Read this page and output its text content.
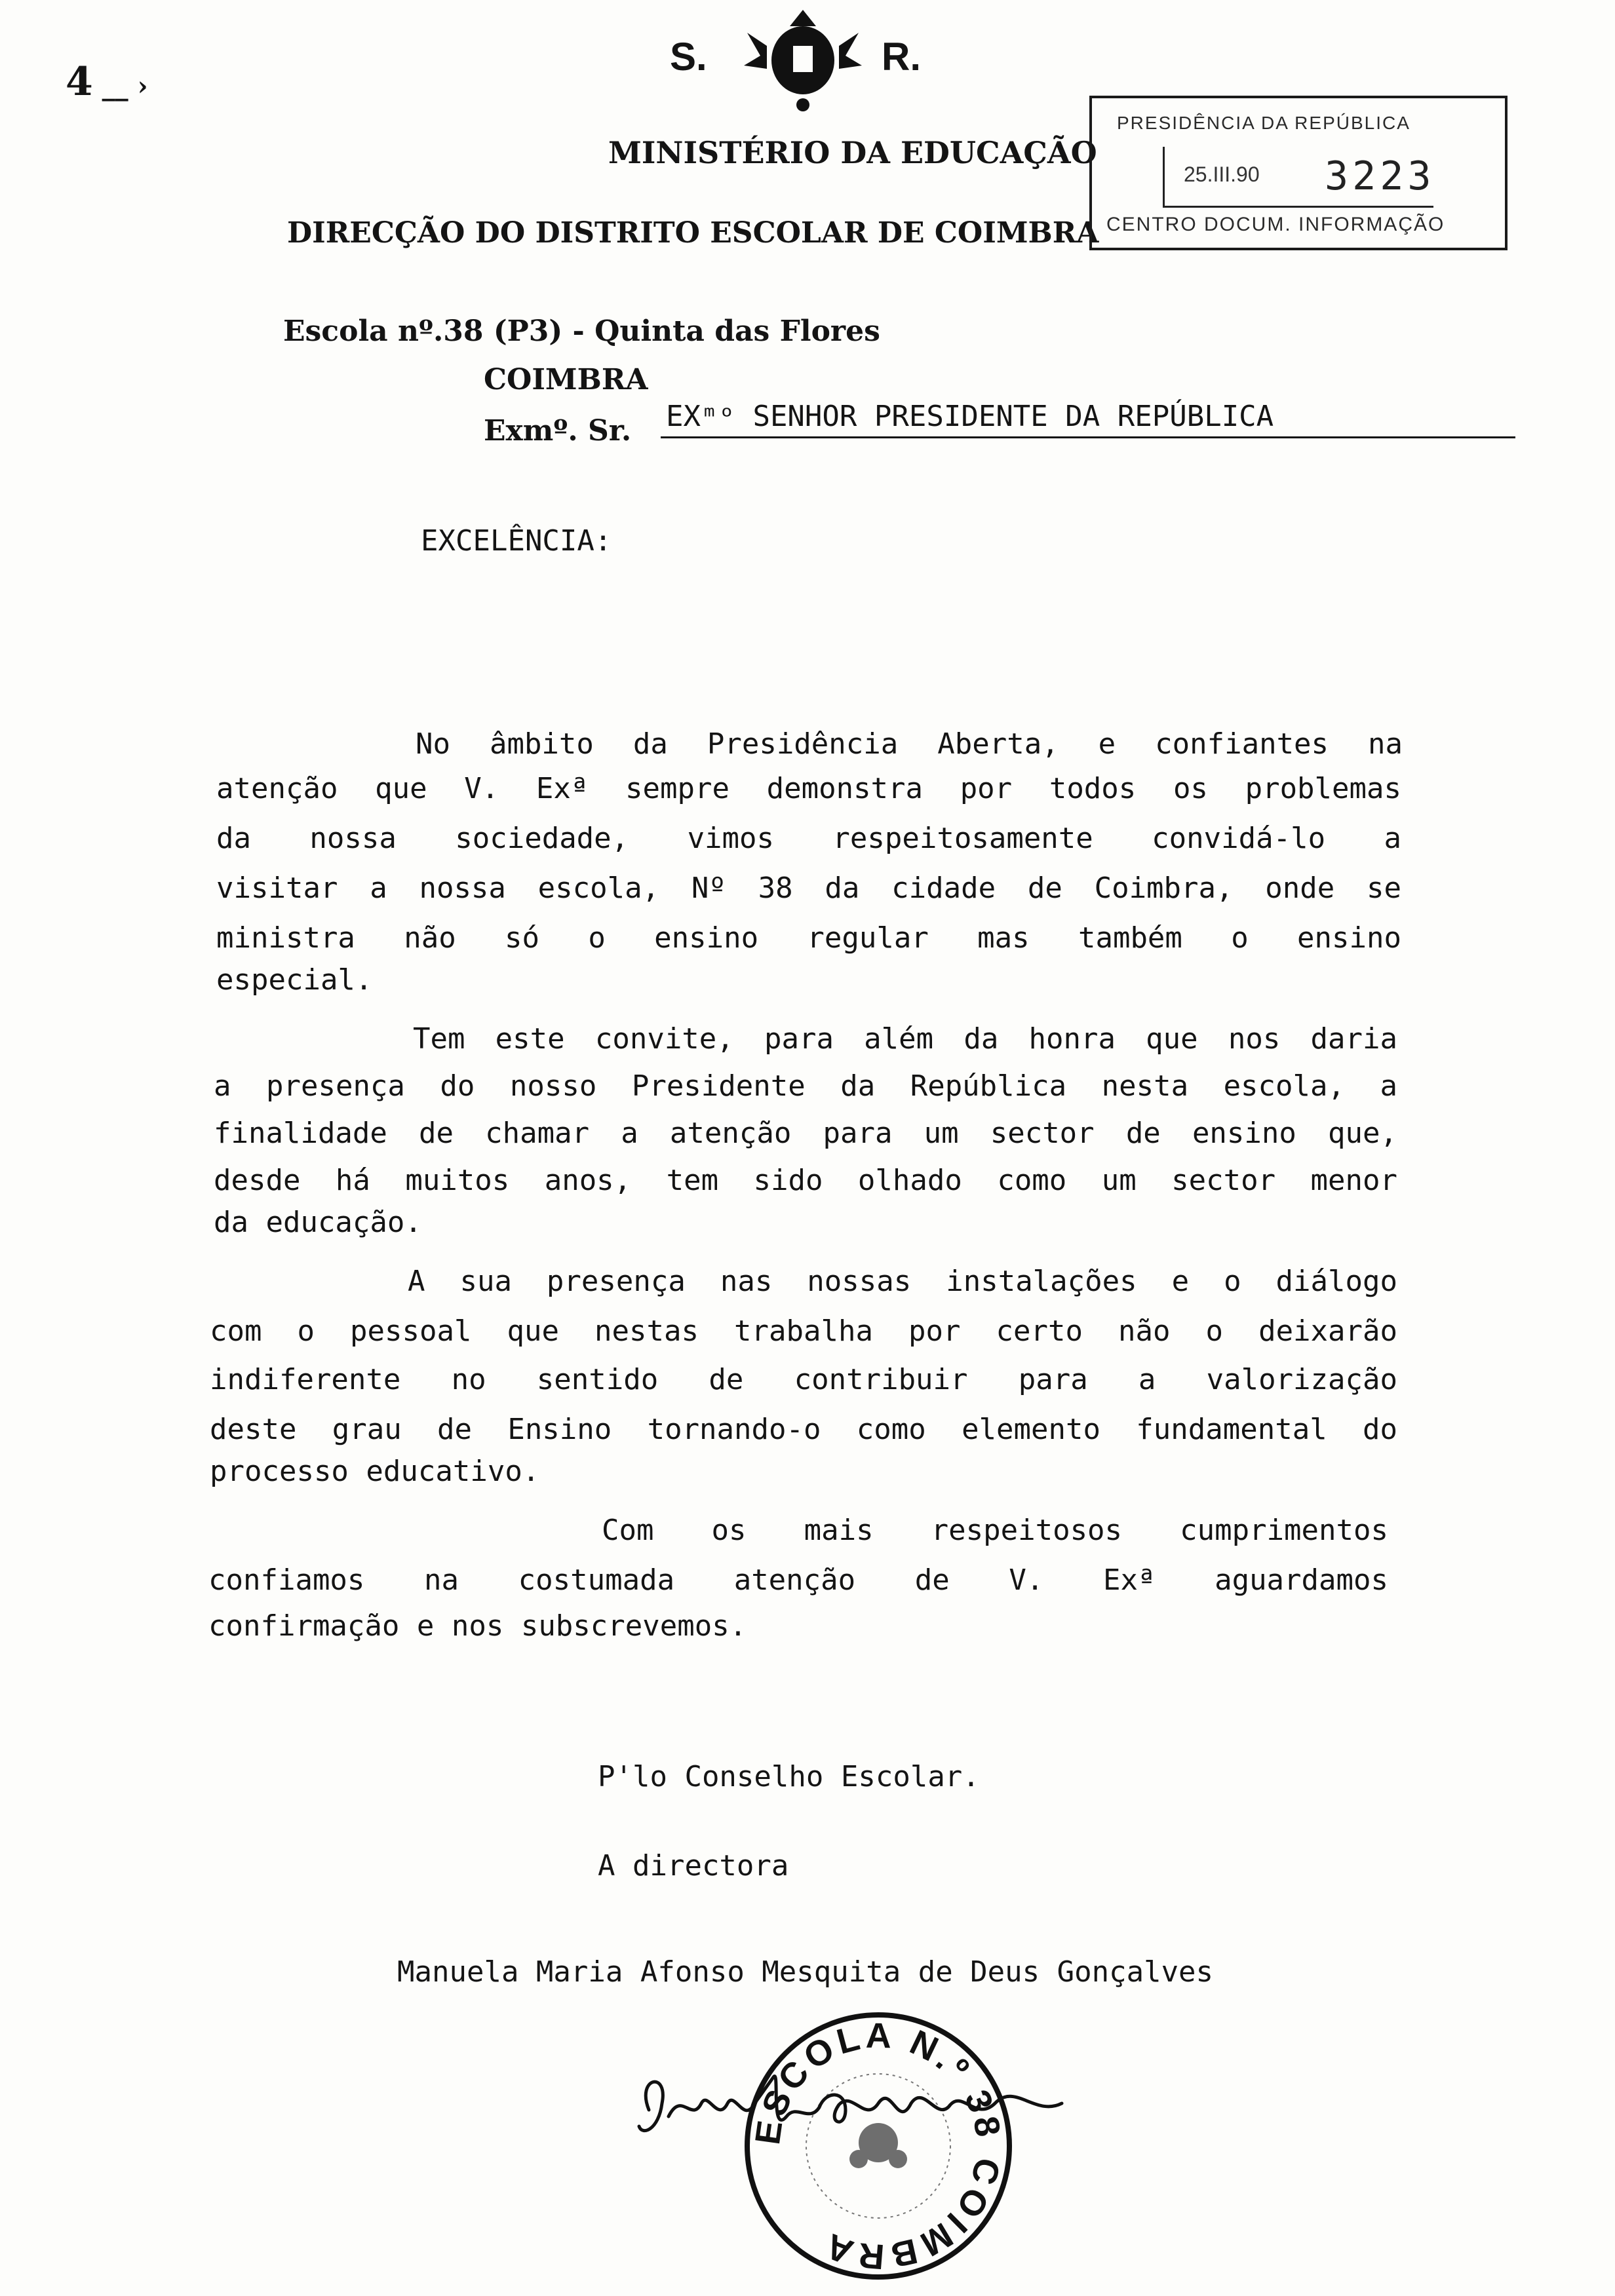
4 __ ›
S.	R.
MINISTÉRIO DA EDUCAÇÃO
DIRECÇÃO DO DISTRITO ESCOLAR DE COIMBRA
PRESIDÊNCIA DA REPÚBLICA
25.III.90 3223
CENTRO DOCUM. INFORMAÇÃO
Escola nº.38 (P3) - Quinta das Flores
COIMBRA
Exmº. Sr. EXᵐᵒ SENHOR PRESIDENTE DA REPÚBLICA
EXCELÊNCIA:
No âmbito da Presidência Aberta, e confiantes na
atenção que V. Exª sempre demonstra por todos os problemas
da nossa sociedade, vimos respeitosamente convidá-lo a
visitar a nossa escola, Nº 38 da cidade de Coimbra, onde se
ministra não só o ensino regular mas também o ensino
especial.
Tem este convite, para além da honra que nos daria
a presença do nosso Presidente da República nesta escola, a
finalidade de chamar a atenção para um sector de ensino que,
desde há muitos anos, tem sido olhado como um sector menor
da educação.
A sua presença nas nossas instalações e o diálogo
com o pessoal que nestas trabalha por certo não o deixarão
indiferente no sentido de contribuir para a valorização
deste grau de Ensino tornando-o como elemento fundamental do
processo educativo.
Com os mais respeitosos cumprimentos
confiamos na costumada atenção de V. Exª aguardamos
confirmação e nos subscrevemos.
P'lo Conselho Escolar.
A directora
Manuela Maria Afonso Mesquita de Deus Gonçalves
ESCOLA N.º 38 COIMBRA
